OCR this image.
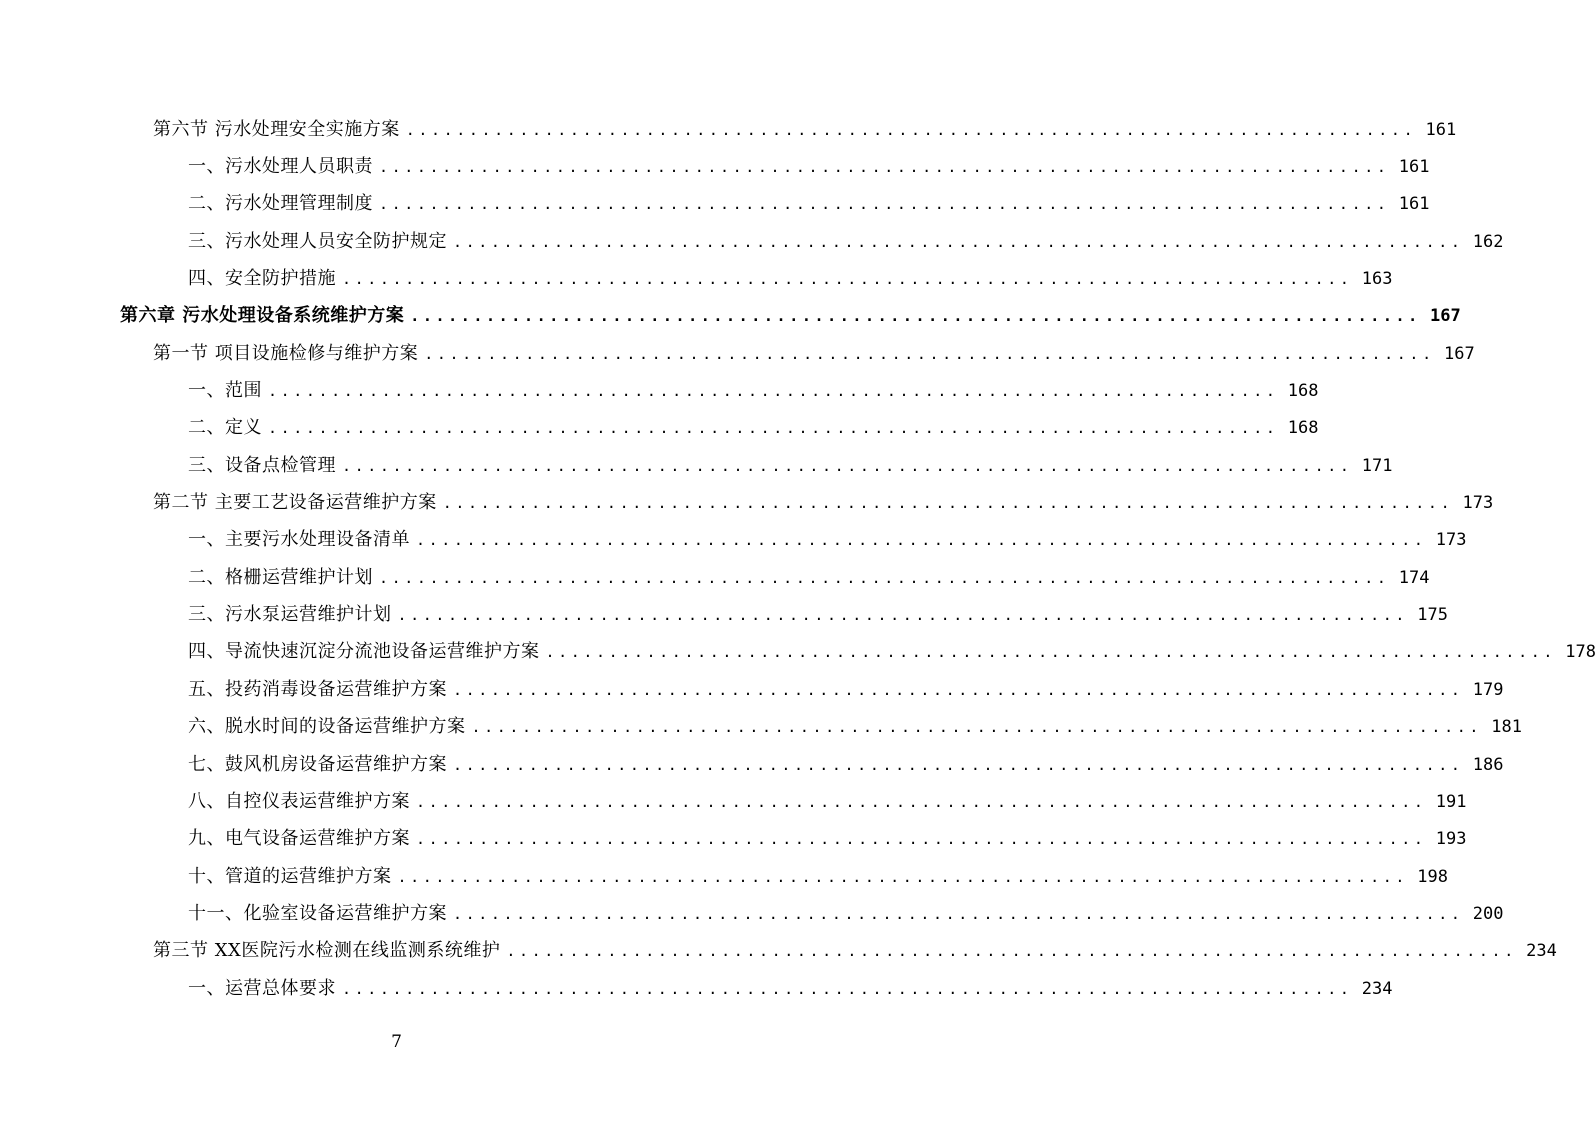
第六节 污水处理安全实施方案 ................................................................................ 161
一、污水处理人员职责 ................................................................................ 161
二、污水处理管理制度 ................................................................................ 161
三、污水处理人员安全防护规定 ................................................................................ 162
四、安全防护措施 ................................................................................ 163
第六章 污水处理设备系统维护方案 ................................................................................ 167
第一节 项目设施检修与维护方案 ................................................................................ 167
一、范围 ................................................................................ 168
二、定义 ................................................................................ 168
三、设备点检管理 ................................................................................ 171
第二节 主要工艺设备运营维护方案 ................................................................................ 173
一、主要污水处理设备清单 ................................................................................ 173
二、格栅运营维护计划 ................................................................................ 174
三、污水泵运营维护计划 ................................................................................ 175
四、导流快速沉淀分流池设备运营维护方案 ................................................................................ 178
五、投药消毒设备运营维护方案 ................................................................................ 179
六、脱水时间的设备运营维护方案 ................................................................................ 181
七、鼓风机房设备运营维护方案 ................................................................................ 186
八、自控仪表运营维护方案 ................................................................................ 191
九、电气设备运营维护方案 ................................................................................ 193
十、管道的运营维护方案 ................................................................................ 198
十一、化验室设备运营维护方案 ................................................................................ 200
第三节 XX医院污水检测在线监测系统维护 ................................................................................ 234
一、运营总体要求 ................................................................................ 234
7
